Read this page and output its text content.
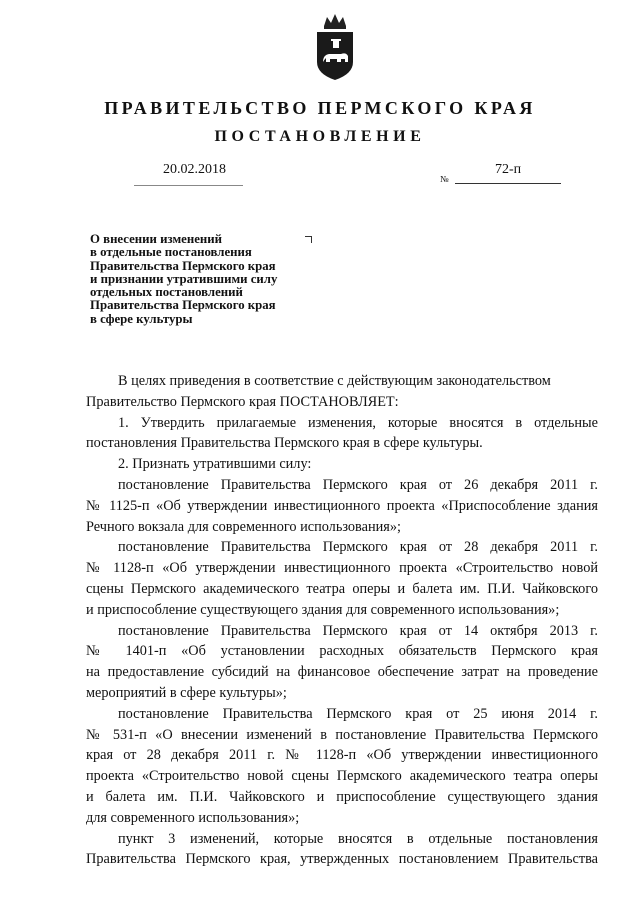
ПРАВИТЕЛЬСТВО ПЕРМСКОГО КРАЯ
ПОСТАНОВЛЕНИЕ
20.02.2018
№
72-п
О внесении изменений
в отдельные постановления
Правительства Пермского края
и признании утратившими силу
отдельных постановлений
Правительства Пермского края
в сфере культуры
В целях приведения в соответствие с действующим законодательством
Правительство Пермского края ПОСТАНОВЛЯЕТ:
1. Утвердить прилагаемые изменения, которые вносятся в отдельные
постановления Правительства Пермского края в сфере культуры.
2. Признать утратившими силу:
постановление Правительства Пермского края от 26 декабря 2011 г.
№ 1125-п «Об утверждении инвестиционного проекта «Приспособление здания
Речного вокзала для современного использования»;
постановление Правительства Пермского края от 28 декабря 2011 г.
№ 1128-п «Об утверждении инвестиционного проекта «Строительство новой
сцены Пермского академического театра оперы и балета им. П.И. Чайковского
и приспособление существующего здания для современного использования»;
постановление Правительства Пермского края от 14 октября 2013 г.
№ 1401-п «Об установлении расходных обязательств Пермского края
на предоставление субсидий на финансовое обеспечение затрат на проведение
мероприятий в сфере культуры»;
постановление Правительства Пермского края от 25 июня 2014 г.
№ 531-п «О внесении изменений в постановление Правительства Пермского
края от 28 декабря 2011 г. № 1128-п «Об утверждении инвестиционного
проекта «Строительство новой сцены Пермского академического театра оперы
и балета им. П.И. Чайковского и приспособление существующего здания
для современного использования»;
пункт 3 изменений, которые вносятся в отдельные постановления
Правительства Пермского края, утвержденных постановлением Правительства
